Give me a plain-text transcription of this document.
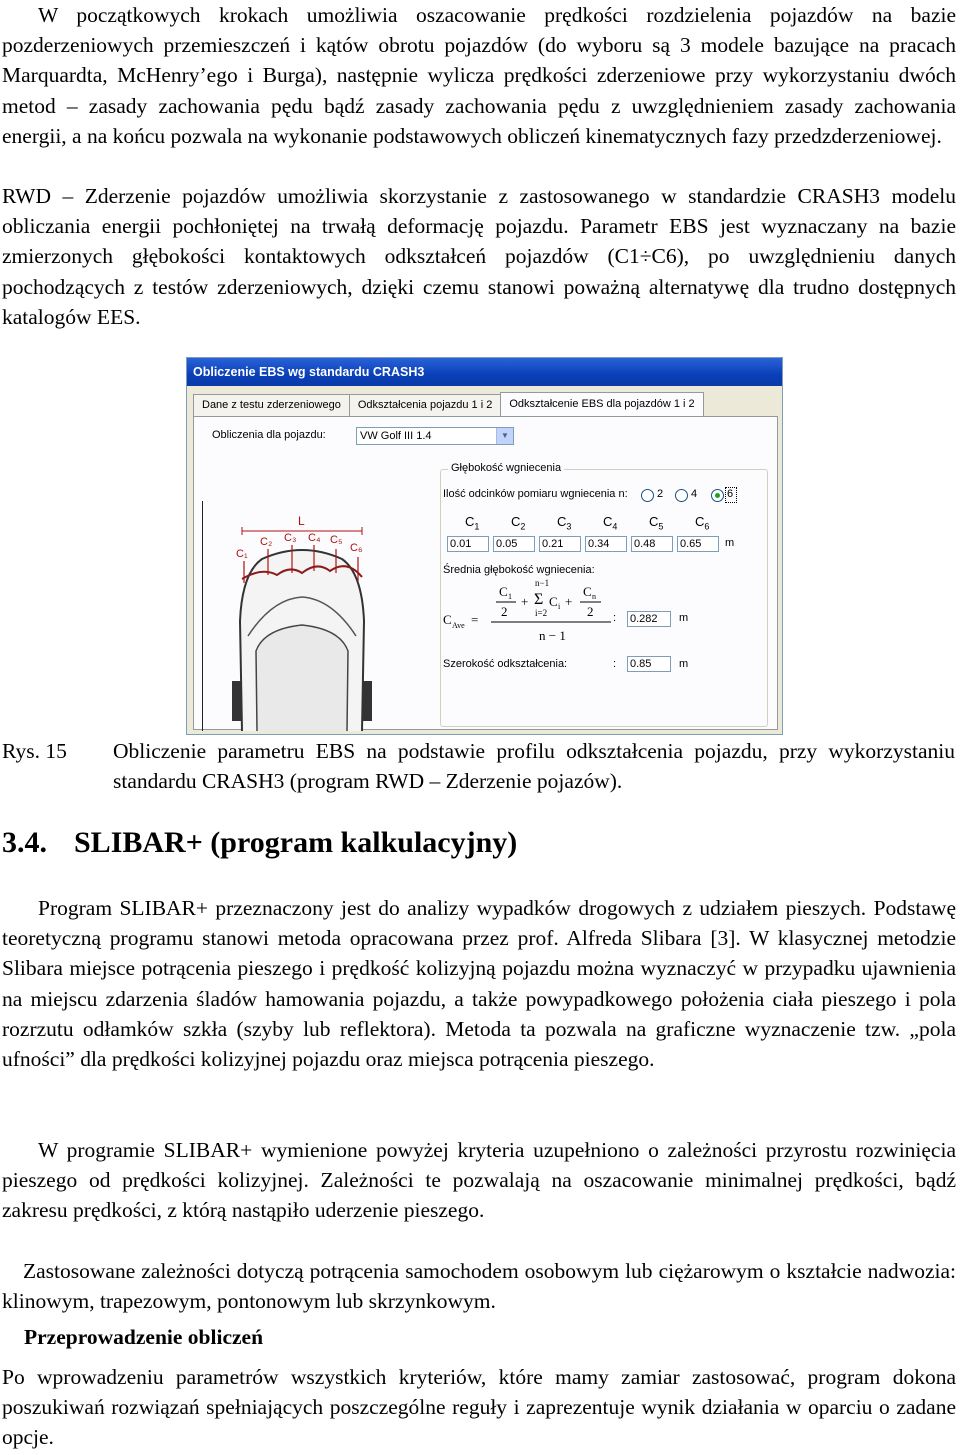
W początkowych krokach umożliwia oszacowanie prędkości rozdzielenia pojazdów na bazie pozderzeniowych przemieszczeń i kątów obrotu pojazdów (do wyboru są 3 modele bazujące na pracach Marquardta, McHenry’ego i Burga), następnie wylicza prędkości zderzeniowe przy wykorzystaniu dwóch metod – zasady zachowania pędu bądź zasady zachowania pędu z uwzględnieniem zasady zachowania energii, a na końcu pozwala na wykonanie podstawowych obliczeń kinematycznych fazy przedzderzeniowej.

RWD – Zderzenie pojazdów umożliwia skorzystanie z zastosowanego w standardzie CRASH3 modelu obliczania energii pochłoniętej na trwałą deformację pojazdu. Parametr EBS jest wyznaczany na bazie zmierzonych głębokości kontaktowych odkształceń pojazdów (C1÷C6), po uwzględnieniu danych pochodzących z testów zderzeniowych, dzięki czemu stanowi poważną alternatywę dla trudno dostępnych katalogów EES.

Obliczenie EBS wg standardu CRASH3
Dane z testu zderzeniowego	Odkształcenia pojazdu 1 i 2	Odkształcenie EBS dla pojazdów 1 i 2
Obliczenia dla pojazdu:	VW Golf III 1.4	▼
L
C₁
C₂ C₃ C₄ C₅
C₆
Głębokość wgniecenia
Ilość odcinków pomiaru wgniecenia n:	2	4	6
$C_1$ $C_2$ $C_3$ $C_4$ $C_5$ $C_6$
0.01	0.05	0.21	0.34	0.48	0.65	m
Średnia głębokość wgniecenia:
C Ave =
C 1
2
+
n−1
Σ
i=2
C i +
C n
2
n − 1
: 0.282	m
Szerokość odkształcenia:	: 0.85	m
Rys. 15 Obliczenie parametru EBS na podstawie profilu odkształcenia pojazdu, przy wykorzystaniu standardu CRASH3 (program RWD – Zderzenie pojazów).

3.4. SLIBAR+ (program kalkulacyjny)

Program SLIBAR+ przeznaczony jest do analizy wypadków drogowych z udziałem pieszych. Podstawę teoretyczną programu stanowi metoda opracowana przez prof. Alfreda Slibara [3]. W klasycznej metodzie Slibara miejsce potrącenia pieszego i prędkość kolizyjną pojazdu można wyznaczyć w przypadku ujawnienia na miejscu zdarzenia śladów hamowania pojazdu, a także powypadkowego położenia ciała pieszego i pola rozrzutu odłamków szkła (szyby lub reflektora). Metoda ta pozwala na graficzne wyznaczenie tzw. „pola ufności” dla prędkości kolizyjnej pojazdu oraz miejsca potrącenia pieszego.

W programie SLIBAR+ wymienione powyżej kryteria uzupełniono o zależności przyrostu rozwinięcia pieszego od prędkości kolizyjnej. Zależności te pozwalają na oszacowanie minimalnej prędkości, bądź zakresu prędkości, z którą nastąpiło uderzenie pieszego.

Zastosowane zależności dotyczą potrącenia samochodem osobowym lub ciężarowym o kształcie nadwozia: klinowym, trapezowym, pontonowym lub skrzynkowym.

Przeprowadzenie obliczeń

Po wprowadzeniu parametrów wszystkich kryteriów, które mamy zamiar zastosować, program dokona poszukiwań rozwiązań spełniających poszczególne reguły i zaprezentuje wynik działania w oparciu o zadane opcje.
